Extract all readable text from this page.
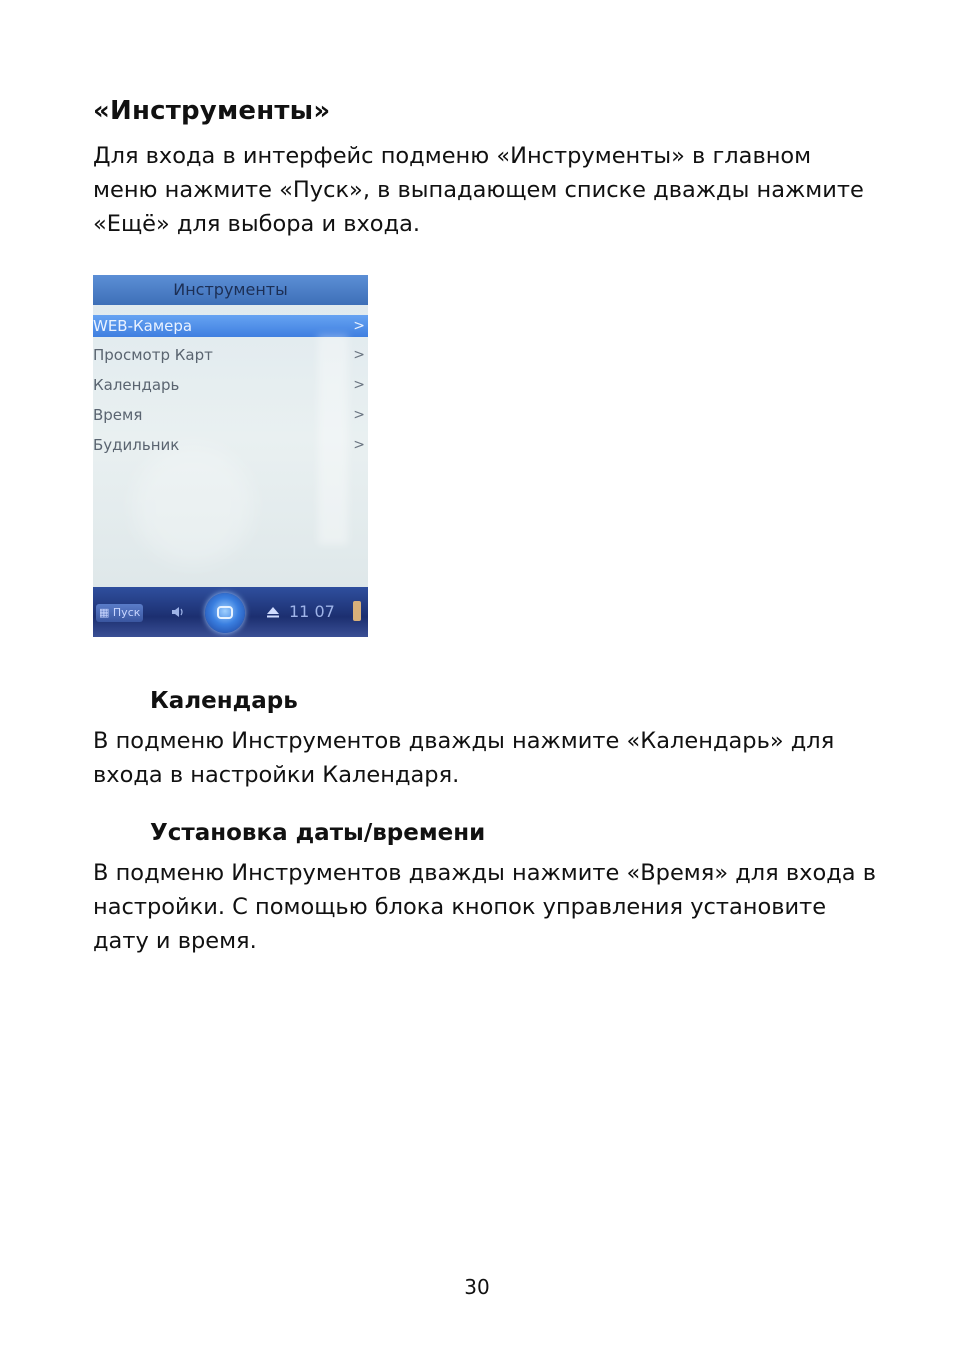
«Инструменты»
Для входа в интерфейс подменю «Инструменты» в главном
меню нажмите «Пуск», в выпадающем списке дважды нажмите
«Ещё» для выбора и входа.
Инструменты
WEB-Камера	>
Просмотр Карт	>
Календарь	>
Время	>
Будильник	>
▦ Пуск	11 07
Календарь
В подменю Инструментов дважды нажмите «Календарь» для
входа в настройки Календаря.
Установка даты/времени
В подменю Инструментов дважды нажмите «Время» для входа в
настройки. С помощью блока кнопок управления установите
дату и время.
30
